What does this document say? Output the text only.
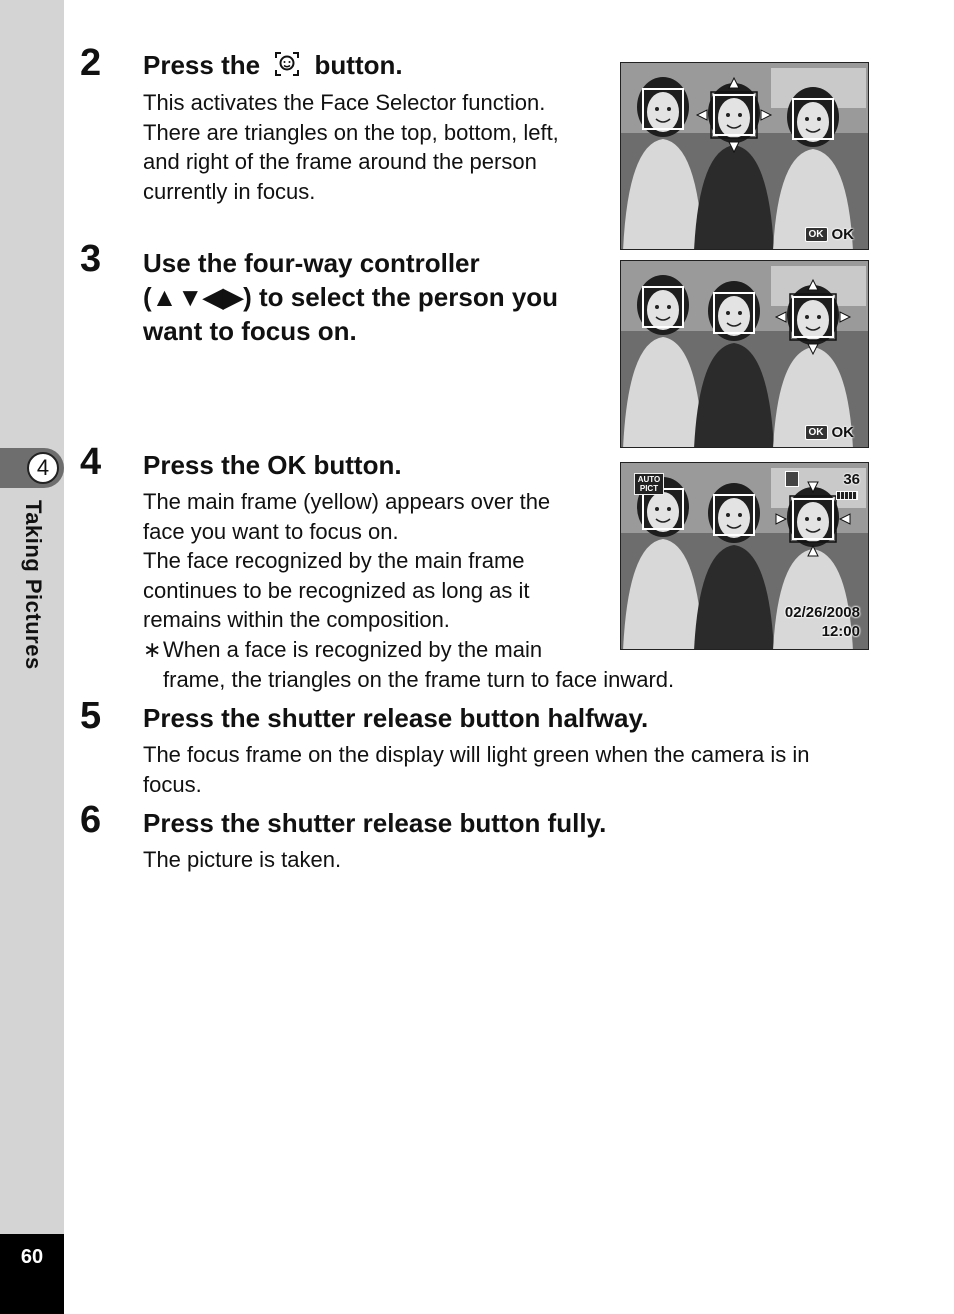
4
Taking Pictures
60
2 Press the button.
This activates the Face Selector function.
There are triangles on the top, bottom, left,
and right of the frame around the person
currently in focus.
3 Use the four-way controller
(▲▼◀▶) to select the person you
want to focus on.
4 Press the OK button.
The main frame (yellow) appears over the
face you want to focus on.
The face recognized by the main frame
continues to be recognized as long as it
remains within the composition.
∗When a face is recognized by the main
frame, the triangles on the frame turn to face inward.
5 Press the shutter release button halfway.
The focus frame on the display will light green when the camera is in
focus.
6 Press the shutter release button fully.
The picture is taken.
OK OK
OK OK
AUTO PICT
36
02/26/2008
12:00
